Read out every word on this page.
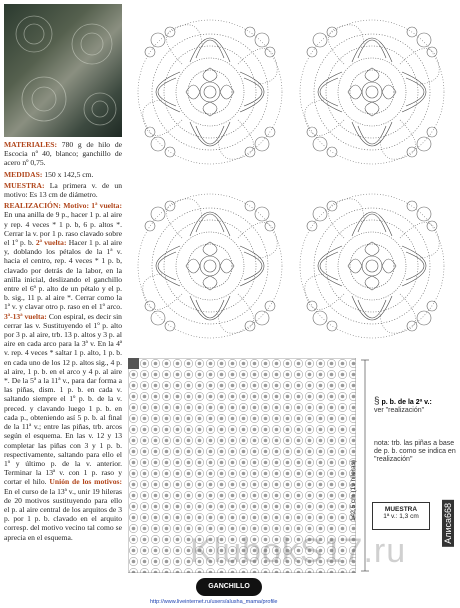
MATERIALES: 780 g de hilo de Escocia nº 40, blanco; ganchillo de acero nº 0,75.

MEDIDAS: 150 x 142,5 cm.

MUESTRA: La primera v. de un motivo: Es 13 cm de diámetro.

REALIZACIÓN: Motivo: 1ª vuelta: En una anilla de 9 p., hacer 1 p. al aire y rep. 4 veces * 1 p. b, 6 p. altos *. Cerrar la v. por 1 p. raso clavado sobre el 1º p. b. 2ª vuelta: Hacer 1 p. al aire y, doblando los pétalos de la 1ª v. hacia el centro, rep. 4 veces * 1 p. b, clavado por detrás de la labor, en la anilla inicial, deslizando el ganchillo entre el 6º p. alto de un pétalo y el p. b. sig., 11 p. al aire *. Cerrar como la 1ª v. y clavar otro p. raso en el 1º arco. 3ª-13ª vuelta: Con espiral, es decir sin cerrar las v. Sustituyendo el 1º p. alto por 3 p. al aire, trb. 13 p. altos y 3 p. al aire en cada arco para la 3ª v. En la 4ª v. rep. 4 veces * saltar 1 p. alto, 1 p. b. en cada uno de los 12 p. altos sig., 4 p. al aire, 1 p. b. en el arco y 4 p. al aire *. De la 5ª a la 11ª v., para dar forma a las piñas, dism. 1 p. b. en cada v. saltando siempre el 1º p. b. de la v. preced. y clavando luego 1 p. b. en cada p., obteniendo así 5 p. b. al final de la 11ª v.; entre las piñas, trb. arcos según el esquema. En las v. 12 y 13 completar las piñas con 3 y 1 p. b. respectivamente, saltando para ello el 1º y último p. de la v. anterior. Terminar la 13ª v. con 1 p. raso y cortar el hilo. Unión de los motivos: En el curso de la 13ª v., unir 19 hileras de 20 motivos sustituyendo para ello el p. al aire central de los arquitos de 3 p. por 1 p. b. clavado en el arquito corresp. del motivo vecino tal como se aprecia en el esquema.

142,5 cm (19 hileras)
§ p. b. de la 2ª v.:
ver "realización"
nota: trb. las piñas a base de p. b. como se indica en "realización"
MUESTRA
1ª v.: 1,3 cm
KlubokS17.ru
Алиса668
GANCHILLO
http://www.liveinternet.ru/users/alusha_mama/profile
